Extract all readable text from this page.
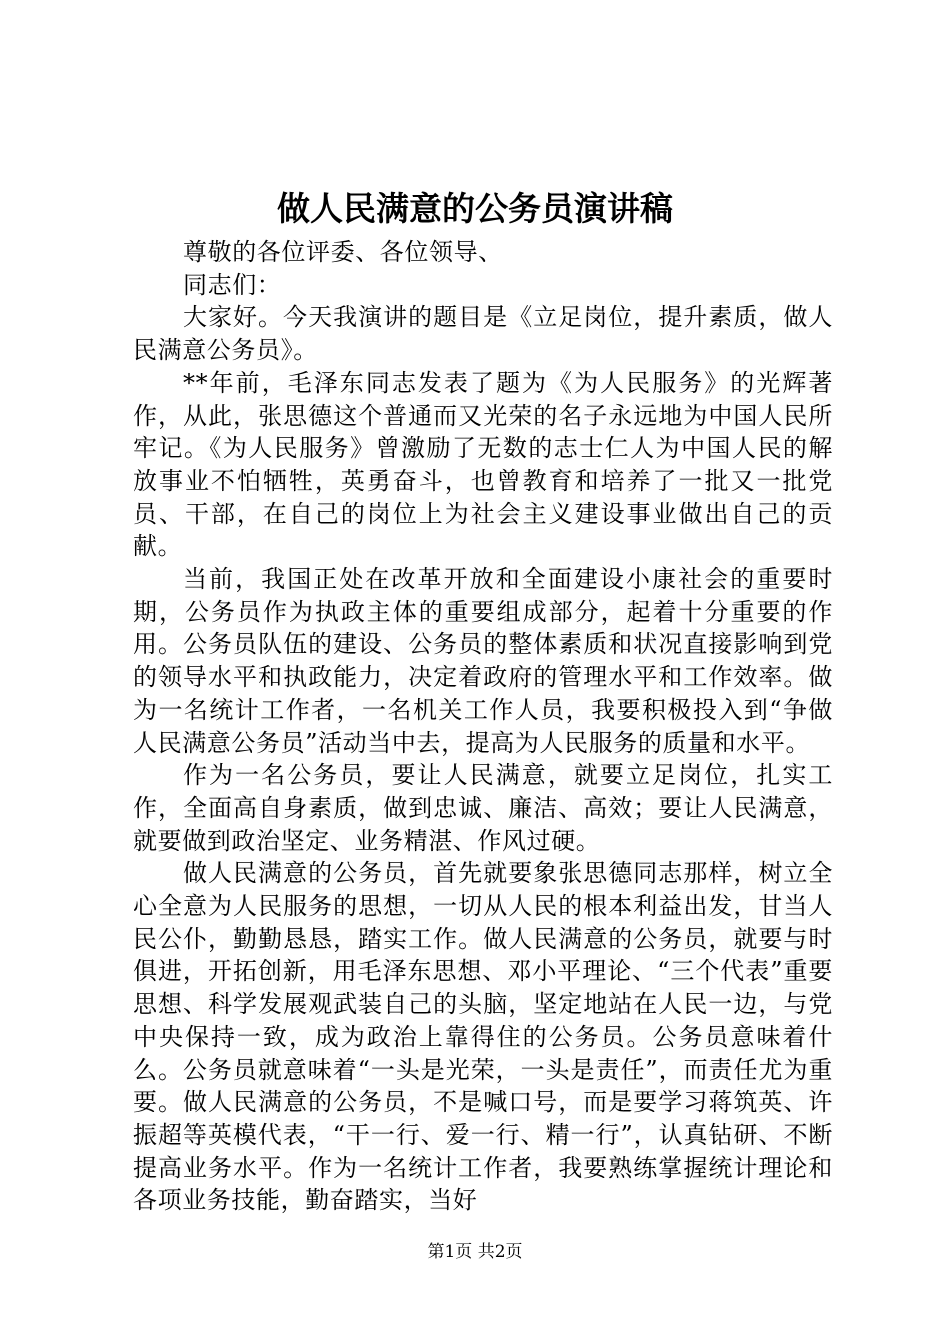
做人民满意的公务员演讲稿

尊敬的各位评委、各位领导、

同志们：

大家好。今天我演讲的题目是《立足岗位，提升素质，做人民满意公务员》。

**年前，毛泽东同志发表了题为《为人民服务》的光辉著作，从此，张思德这个普通而又光荣的名子永远地为中国人民所牢记。《为人民服务》曾激励了无数的志士仁人为中国人民的解放事业不怕牺牲，英勇奋斗，也曾教育和培养了一批又一批党员、干部，在自己的岗位上为社会主义建设事业做出自己的贡献。

当前，我国正处在改革开放和全面建设小康社会的重要时期，公务员作为执政主体的重要组成部分，起着十分重要的作用。公务员队伍的建设、公务员的整体素质和状况直接影响到党的领导水平和执政能力，决定着政府的管理水平和工作效率。做为一名统计工作者，一名机关工作人员，我要积极投入到“争做人民满意公务员”活动当中去，提高为人民服务的质量和水平。

作为一名公务员，要让人民满意，就要立足岗位，扎实工作，全面高自身素质，做到忠诚、廉洁、高效；要让人民满意，就要做到政治坚定、业务精湛、作风过硬。

做人民满意的公务员，首先就要象张思德同志那样，树立全心全意为人民服务的思想，一切从人民的根本利益出发，甘当人民公仆，勤勤恳恳，踏实工作。做人民满意的公务员，就要与时俱进，开拓创新，用毛泽东思想、邓小平理论、“三个代表”重要思想、科学发展观武装自己的头脑，坚定地站在人民一边，与党中央保持一致，成为政治上靠得住的公务员。公务员意味着什么。公务员就意味着“一头是光荣，一头是责任”，而责任尤为重要。做人民满意的公务员，不是喊口号，而是要学习蒋筑英、许振超等英模代表，“干一行、爱一行、精一行”，认真钻研、不断提高业务水平。作为一名统计工作者，我要熟练掌握统计理论和各项业务技能，勤奋踏实，当好

第1页 共2页
